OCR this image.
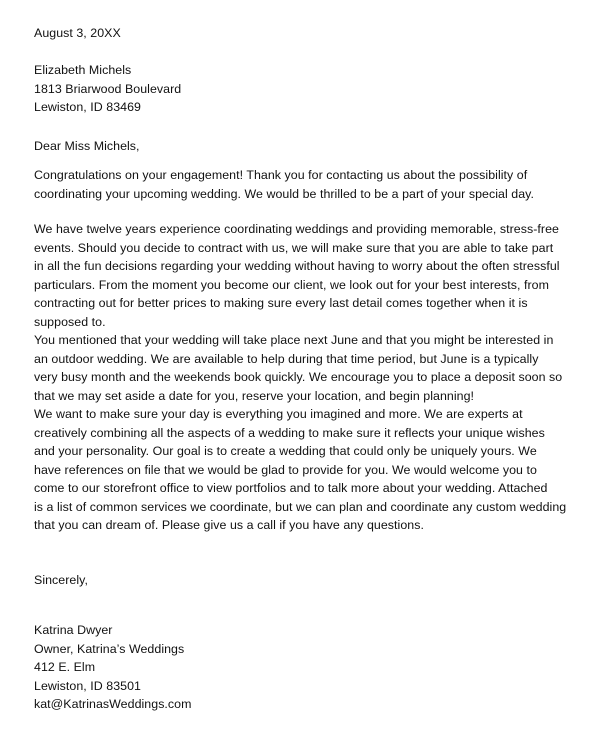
August 3, 20XX
Elizabeth Michels
1813 Briarwood Boulevard
Lewiston, ID 83469
Dear Miss Michels,
Congratulations on your engagement! Thank you for contacting us about the possibility of
coordinating your upcoming wedding. We would be thrilled to be a part of your special day.
We have twelve years experience coordinating weddings and providing memorable, stress-free
events. Should you decide to contract with us, we will make sure that you are able to take part
in all the fun decisions regarding your wedding without having to worry about the often stressful
particulars. From the moment you become our client, we look out for your best interests, from
contracting out for better prices to making sure every last detail comes together when it is
supposed to.
You mentioned that your wedding will take place next June and that you might be interested in
an outdoor wedding. We are available to help during that time period, but June is a typically
very busy month and the weekends book quickly. We encourage you to place a deposit soon so
that we may set aside a date for you, reserve your location, and begin planning!
We want to make sure your day is everything you imagined and more. We are experts at
creatively combining all the aspects of a wedding to make sure it reflects your unique wishes
and your personality. Our goal is to create a wedding that could only be uniquely yours. We
have references on file that we would be glad to provide for you. We would welcome you to
come to our storefront office to view portfolios and to talk more about your wedding. Attached
is a list of common services we coordinate, but we can plan and coordinate any custom wedding
that you can dream of. Please give us a call if you have any questions.
Sincerely,
Katrina Dwyer
Owner, Katrina’s Weddings
412 E. Elm
Lewiston, ID 83501
kat@KatrinasWeddings.com
